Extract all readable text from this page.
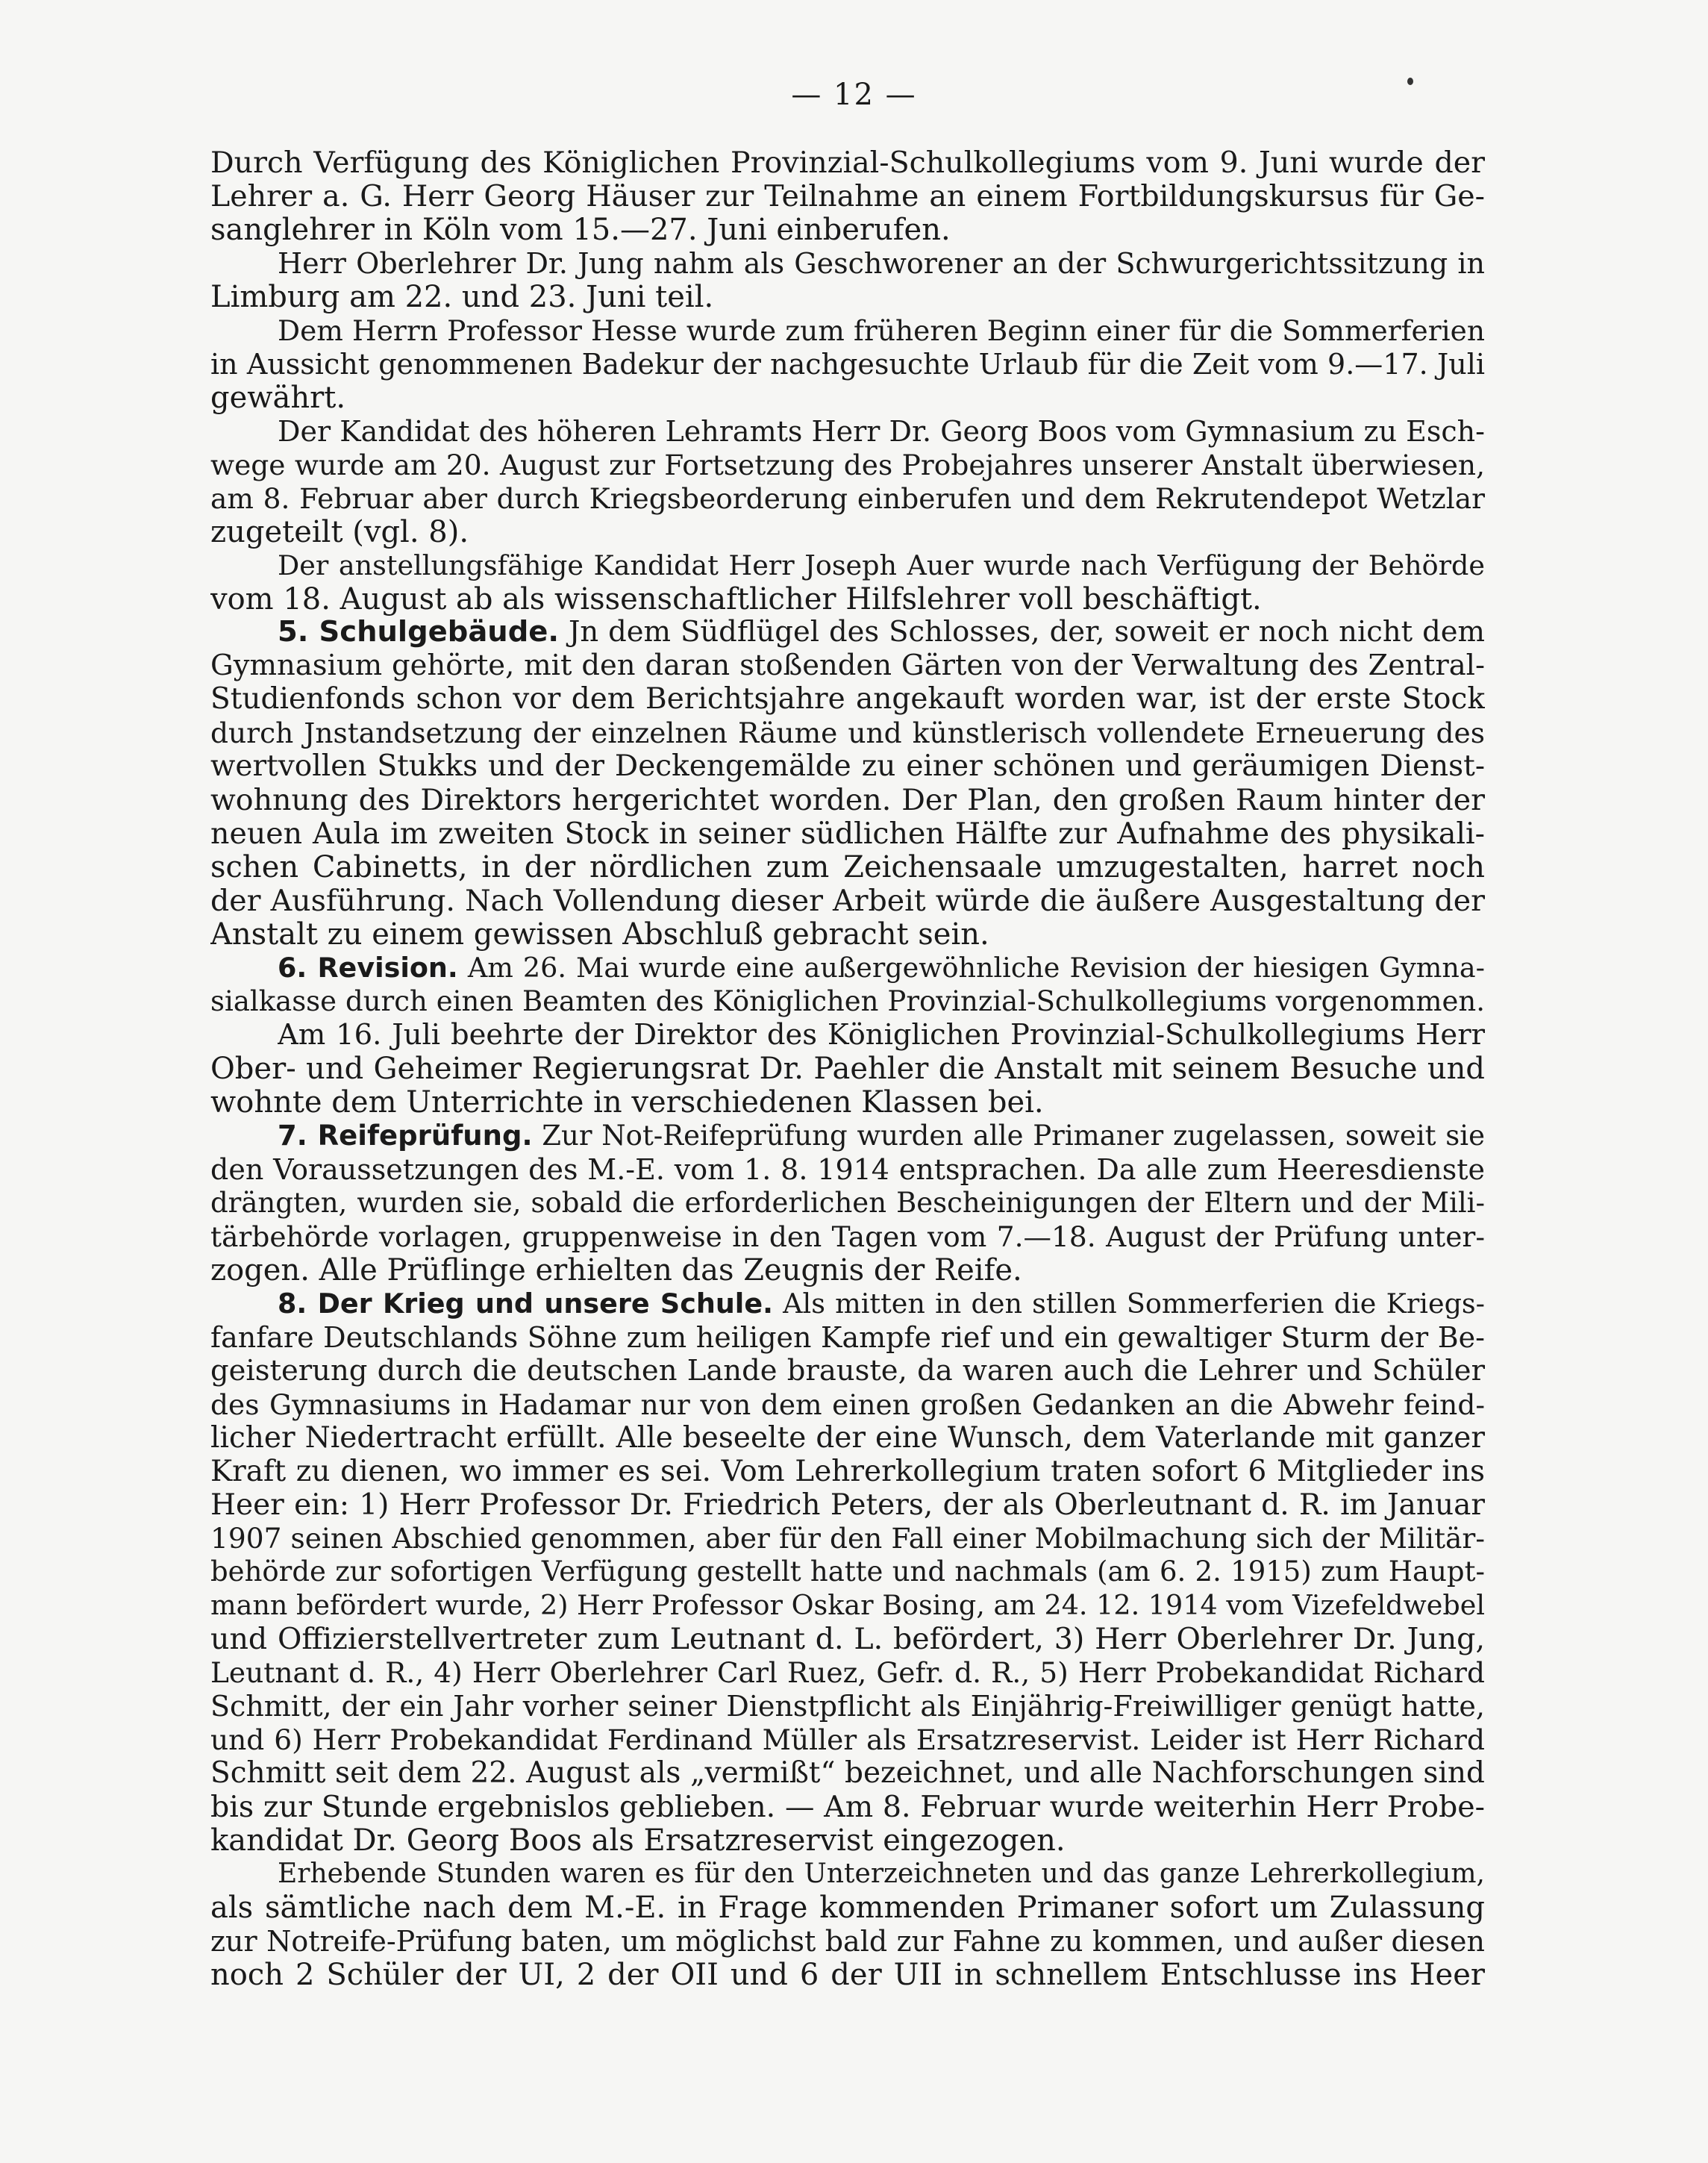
— 12 —
Durch Verfügung des Königlichen Provinzial-Schulkollegiums vom 9. Juni wurde der
Lehrer a. G. Herr Georg Häuser zur Teilnahme an einem Fortbildungskursus für Ge-
sanglehrer in Köln vom 15.—27. Juni einberufen.
Herr Oberlehrer Dr. Jung nahm als Geschworener an der Schwurgerichtssitzung in
Limburg am 22. und 23. Juni teil.
Dem Herrn Professor Hesse wurde zum früheren Beginn einer für die Sommerferien
in Aussicht genommenen Badekur der nachgesuchte Urlaub für die Zeit vom 9.—17. Juli
gewährt.
Der Kandidat des höheren Lehramts Herr Dr. Georg Boos vom Gymnasium zu Esch-
wege wurde am 20. August zur Fortsetzung des Probejahres unserer Anstalt überwiesen,
am 8. Februar aber durch Kriegsbeorderung einberufen und dem Rekrutendepot Wetzlar
zugeteilt (vgl. 8).
Der anstellungsfähige Kandidat Herr Joseph Auer wurde nach Verfügung der Behörde
vom 18. August ab als wissenschaftlicher Hilfslehrer voll beschäftigt.
5. Schulgebäude. Jn dem Südflügel des Schlosses, der, soweit er noch nicht dem
Gymnasium gehörte, mit den daran stoßenden Gärten von der Verwaltung des Zentral-
Studienfonds schon vor dem Berichtsjahre angekauft worden war, ist der erste Stock
durch Jnstandsetzung der einzelnen Räume und künstlerisch vollendete Erneuerung des
wertvollen Stukks und der Deckengemälde zu einer schönen und geräumigen Dienst-
wohnung des Direktors hergerichtet worden. Der Plan, den großen Raum hinter der
neuen Aula im zweiten Stock in seiner südlichen Hälfte zur Aufnahme des physikali-
schen Cabinetts, in der nördlichen zum Zeichensaale umzugestalten, harret noch
der Ausführung. Nach Vollendung dieser Arbeit würde die äußere Ausgestaltung der
Anstalt zu einem gewissen Abschluß gebracht sein.
6. Revision. Am 26. Mai wurde eine außergewöhnliche Revision der hiesigen Gymna-
sialkasse durch einen Beamten des Königlichen Provinzial-Schulkollegiums vorgenommen.
Am 16. Juli beehrte der Direktor des Königlichen Provinzial-Schulkollegiums Herr
Ober- und Geheimer Regierungsrat Dr. Paehler die Anstalt mit seinem Besuche und
wohnte dem Unterrichte in verschiedenen Klassen bei.
7. Reifeprüfung. Zur Not-Reifeprüfung wurden alle Primaner zugelassen, soweit sie
den Voraussetzungen des M.-E. vom 1. 8. 1914 entsprachen. Da alle zum Heeresdienste
drängten, wurden sie, sobald die erforderlichen Bescheinigungen der Eltern und der Mili-
tärbehörde vorlagen, gruppenweise in den Tagen vom 7.—18. August der Prüfung unter-
zogen. Alle Prüflinge erhielten das Zeugnis der Reife.
8. Der Krieg und unsere Schule. Als mitten in den stillen Sommerferien die Kriegs-
fanfare Deutschlands Söhne zum heiligen Kampfe rief und ein gewaltiger Sturm der Be-
geisterung durch die deutschen Lande brauste, da waren auch die Lehrer und Schüler
des Gymnasiums in Hadamar nur von dem einen großen Gedanken an die Abwehr feind-
licher Niedertracht erfüllt. Alle beseelte der eine Wunsch, dem Vaterlande mit ganzer
Kraft zu dienen, wo immer es sei. Vom Lehrerkollegium traten sofort 6 Mitglieder ins
Heer ein: 1) Herr Professor Dr. Friedrich Peters, der als Oberleutnant d. R. im Januar
1907 seinen Abschied genommen, aber für den Fall einer Mobilmachung sich der Militär-
behörde zur sofortigen Verfügung gestellt hatte und nachmals (am 6. 2. 1915) zum Haupt-
mann befördert wurde, 2) Herr Professor Oskar Bosing, am 24. 12. 1914 vom Vizefeldwebel
und Offizierstellvertreter zum Leutnant d. L. befördert, 3) Herr Oberlehrer Dr. Jung,
Leutnant d. R., 4) Herr Oberlehrer Carl Ruez, Gefr. d. R., 5) Herr Probekandidat Richard
Schmitt, der ein Jahr vorher seiner Dienstpflicht als Einjährig-Freiwilliger genügt hatte,
und 6) Herr Probekandidat Ferdinand Müller als Ersatzreservist. Leider ist Herr Richard
Schmitt seit dem 22. August als „vermißt“ bezeichnet, und alle Nachforschungen sind
bis zur Stunde ergebnislos geblieben. — Am 8. Februar wurde weiterhin Herr Probe-
kandidat Dr. Georg Boos als Ersatzreservist eingezogen.
Erhebende Stunden waren es für den Unterzeichneten und das ganze Lehrerkollegium,
als sämtliche nach dem M.-E. in Frage kommenden Primaner sofort um Zulassung
zur Notreife-Prüfung baten, um möglichst bald zur Fahne zu kommen, und außer diesen
noch 2 Schüler der UI, 2 der OII und 6 der UII in schnellem Entschlusse ins Heer
